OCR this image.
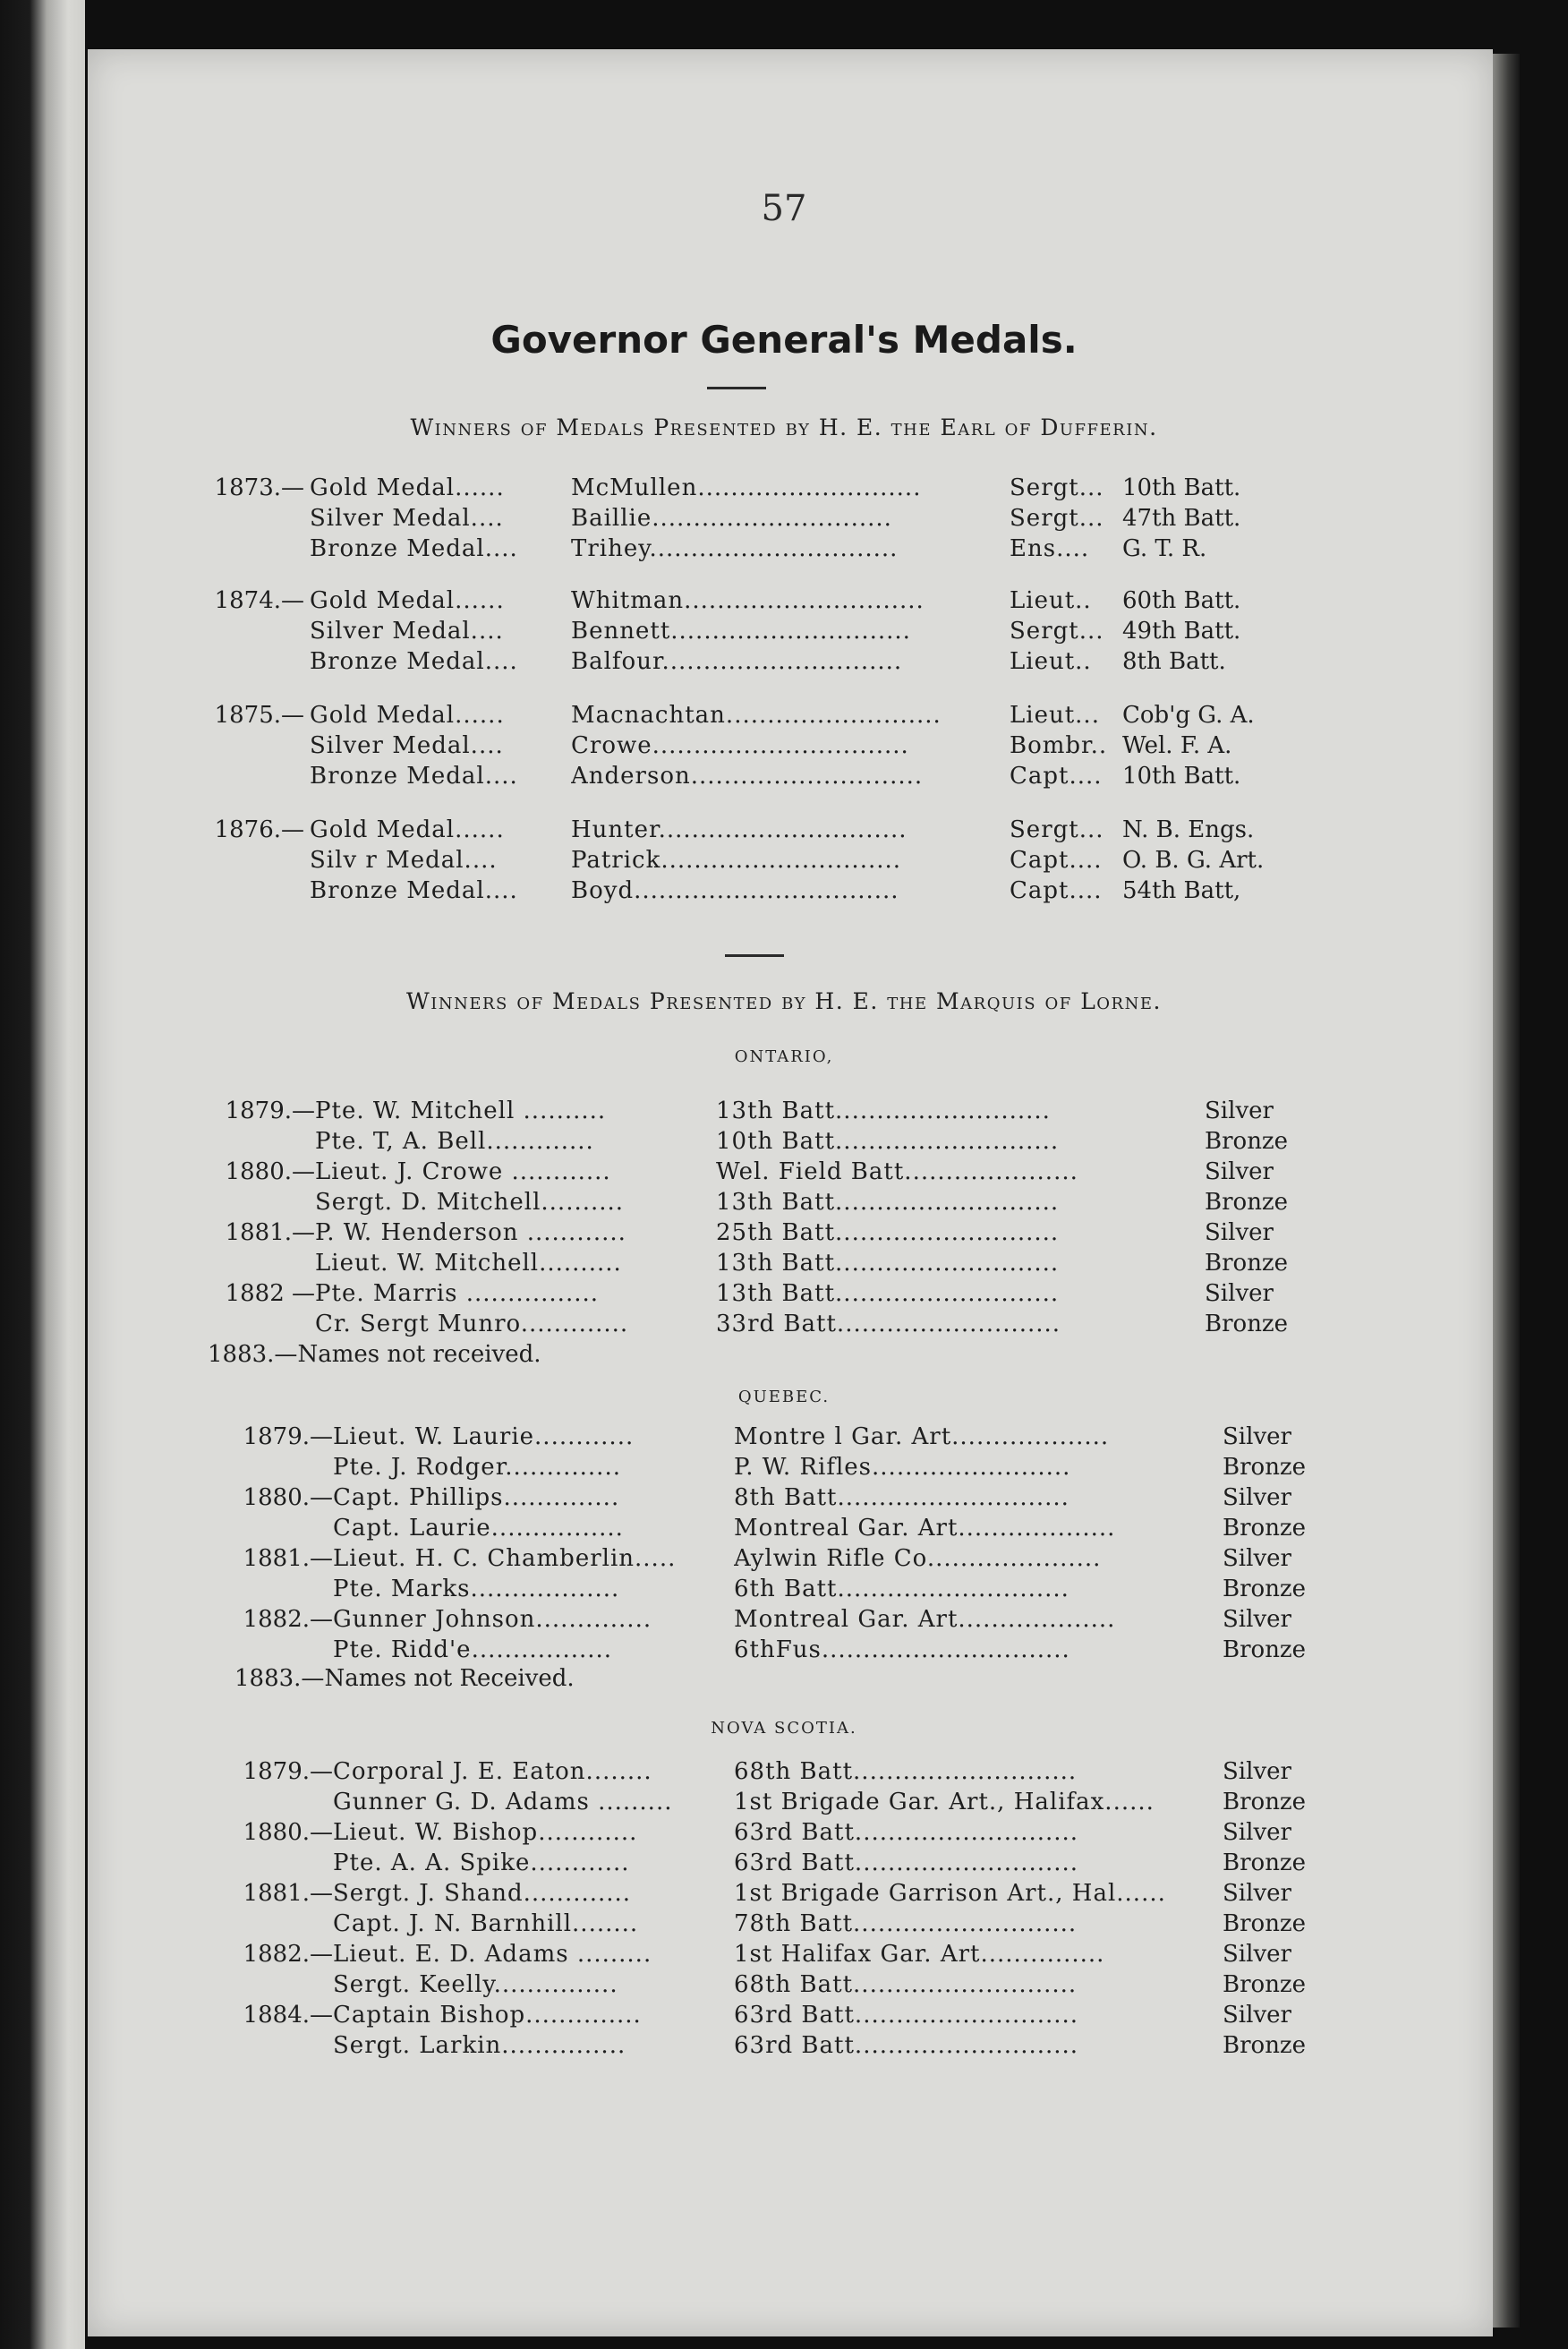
57
Governor General's Medals.
Winners of Medals Presented by H. E. the Earl of Dufferin.
1873.— Gold Medal......	McMullen...........................	Sergt... 10th Batt.
Silver Medal....	Baillie.............................	Sergt... 47th Batt.
Bronze Medal....	Trihey..............................	Ens....	G. T. R.
1874.— Gold Medal......	Whitman.............................	Lieut..	60th Batt.
Silver Medal....	Bennett.............................	Sergt... 49th Batt.
Bronze Medal....	Balfour.............................	Lieut..	8th Batt.
1875.— Gold Medal......	Macnachtan..........................	Lieut... Cob'g G. A.
Silver Medal....	Crowe...............................	Bombr.. Wel. F. A.
Bronze Medal....	Anderson............................	Capt.... 10th Batt.
1876.— Gold Medal......	Hunter..............................	Sergt... N. B. Engs.
Silv r Medal....	Patrick.............................	Capt.... O. B. G. Art.
Bronze Medal....	Boyd................................	Capt.... 54th Batt,
Winners of Medals Presented by H. E. the Marquis of Lorne.
ONTARIO,
1879.— Pte. W. Mitchell ..........	13th Batt..........................	Silver
Pte. T, A. Bell.............	10th Batt...........................	Bronze
1880.— Lieut. J. Crowe ............	Wel. Field Batt.....................	Silver
Sergt. D. Mitchell..........	13th Batt...........................	Bronze
1881.— P. W. Henderson ............	25th Batt...........................	Silver
Lieut. W. Mitchell..........	13th Batt...........................	Bronze
1882 — Pte. Marris ................	13th Batt...........................	Silver
Cr. Sergt Munro.............	33rd Batt...........................	Bronze
1883.—Names not received.
QUEBEC.
1879.— Lieut. W. Laurie............	Montre l Gar. Art...................	Silver
Pte. J. Rodger..............	P. W. Rifles........................	Bronze
1880.— Capt. Phillips..............	8th Batt............................	Silver
Capt. Laurie................	Montreal Gar. Art...................	Bronze
1881.— Lieut. H. C. Chamberlin.....	Aylwin Rifle Co.....................	Silver
Pte. Marks..................	6th Batt............................	Bronze
1882.— Gunner Johnson..............	Montreal Gar. Art...................	Silver
Pte. Ridd'e.................	6thFus..............................	Bronze
1883.—Names not Received.
NOVA SCOTIA.
1879.— Corporal J. E. Eaton........	68th Batt...........................	Silver
Gunner G. D. Adams .........	1st Brigade Gar. Art., Halifax......	Bronze
1880.— Lieut. W. Bishop............	63rd Batt...........................	Silver
Pte. A. A. Spike............	63rd Batt...........................	Bronze
1881.— Sergt. J. Shand.............	1st Brigade Garrison Art., Hal......	Silver
Capt. J. N. Barnhill........	78th Batt...........................	Bronze
1882.— Lieut. E. D. Adams .........	1st Halifax Gar. Art...............	Silver
Sergt. Keelly...............	68th Batt...........................	Bronze
1884.— Captain Bishop..............	63rd Batt...........................	Silver
Sergt. Larkin...............	63rd Batt...........................	Bronze
